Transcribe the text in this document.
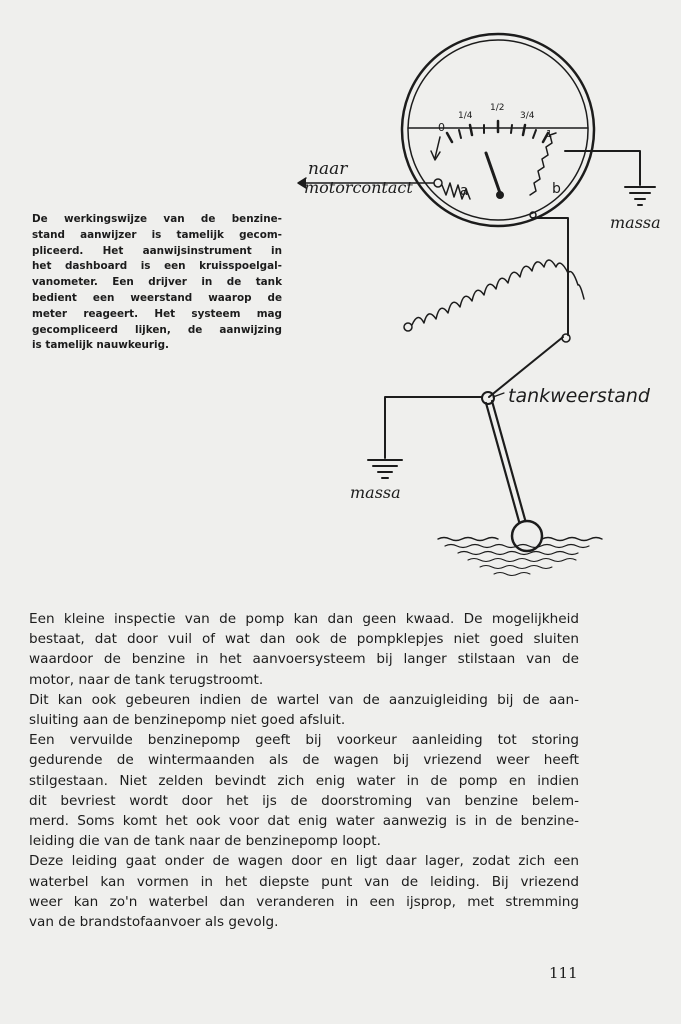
De werkingswijze van de benzine-
stand aanwijzer is tamelijk gecom-
pliceerd. Het aanwijsinstrument in
het dashboard is een kruisspoelgal-
vanometer. Een drijver in de tank
bedient een weerstand waarop de
meter reageert. Het systeem mag
gecompliceerd lijken, de aanwijzing
is tamelijk nauwkeurig.
naar
motorcontact
massa
tankweerstand
massa
a	b
0
1/4
1/2
3/4
1
Een kleine inspectie van de pomp kan dan geen kwaad. De mogelijkheid
bestaat, dat door vuil of wat dan ook de pompklepjes niet goed sluiten
waardoor de benzine in het aanvoersysteem bij langer stilstaan van de
motor, naar de tank terugstroomt.
Dit kan ook gebeuren indien de wartel van de aanzuigleiding bij de aan-
sluiting aan de benzinepomp niet goed afsluit.
Een vervuilde benzinepomp geeft bij voorkeur aanleiding tot storing
gedurende de wintermaanden als de wagen bij vriezend weer heeft
stilgestaan. Niet zelden bevindt zich enig water in de pomp en indien
dit bevriest wordt door het ijs de doorstroming van benzine belem-
merd. Soms komt het ook voor dat enig water aanwezig is in de benzine-
leiding die van de tank naar de benzinepomp loopt.
Deze leiding gaat onder de wagen door en ligt daar lager, zodat zich een
waterbel kan vormen in het diepste punt van de leiding. Bij vriezend
weer kan zo'n waterbel dan veranderen in een ijsprop, met stremming
van de brandstofaanvoer als gevolg.
111
